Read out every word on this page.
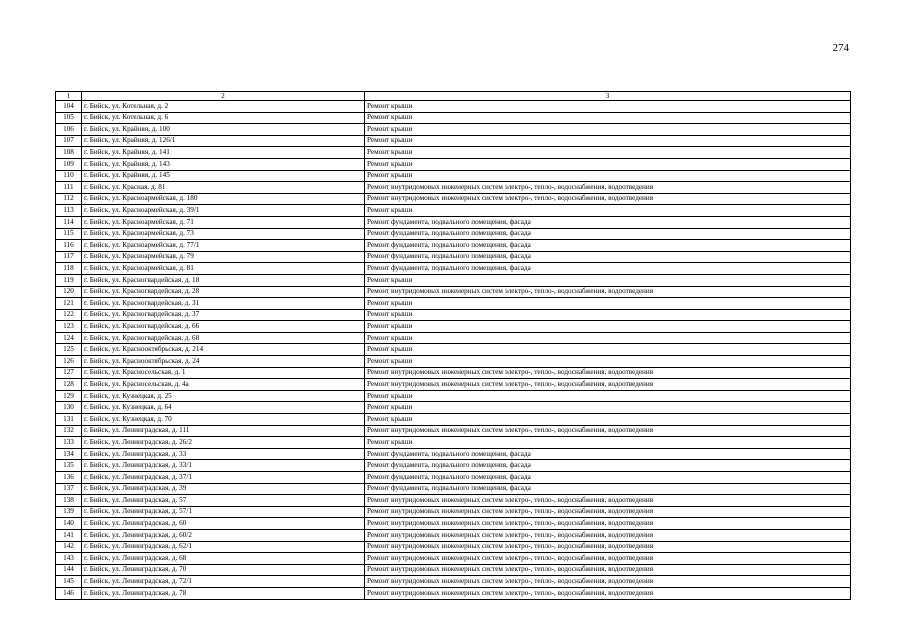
274
1	2	3
104	г. Бийск, ул. Котельная, д. 2	Ремонт крыши
105	г. Бийск, ул. Котельная, д. 6	Ремонт крыши
106	г. Бийск, ул. Крайняя, д. 100	Ремонт крыши
107	г. Бийск, ул. Крайняя, д. 126/1	Ремонт крыши
108	г. Бийск, ул. Крайняя, д. 141	Ремонт крыши
109	г. Бийск, ул. Крайняя, д. 143	Ремонт крыши
110	г. Бийск, ул. Крайняя, д. 145	Ремонт крыши
111	г. Бийск, ул. Красная, д. 81	Ремонт внутридомовых инженерных систем электро-, тепло-, водоснабжения, водоотведения
112	г. Бийск, ул. Красноармейская, д. 180	Ремонт внутридомовых инженерных систем электро-, тепло-, водоснабжения, водоотведения
113	г. Бийск, ул. Красноармейская, д. 39/1	Ремонт крыши
114	г. Бийск, ул. Красноармейская, д. 71	Ремонт фундамента, подвального помещения, фасада
115	г. Бийск, ул. Красноармейская, д. 73	Ремонт фундамента, подвального помещения, фасада
116	г. Бийск, ул. Красноармейская, д. 77/1	Ремонт фундамента, подвального помещения, фасада
117	г. Бийск, ул. Красноармейская, д. 79	Ремонт фундамента, подвального помещения, фасада
118	г. Бийск, ул. Красноармейская, д. 81	Ремонт фундамента, подвального помещения, фасада
119	г. Бийск, ул. Красногвардейская, д. 18	Ремонт крыши
120	г. Бийск, ул. Красногвардейская, д. 28	Ремонт внутридомовых инженерных систем электро-, тепло-, водоснабжения, водоотведения
121	г. Бийск, ул. Красногвардейская, д. 31	Ремонт крыши
122	г. Бийск, ул. Красногвардейская, д. 37	Ремонт крыши
123	г. Бийск, ул. Красногвардейская, д. 66	Ремонт крыши
124	г. Бийск, ул. Красногвардейская, д. 68	Ремонт крыши
125	г. Бийск, ул. Краснооктябрьская, д. 214	Ремонт крыши
126	г. Бийск, ул. Краснооктябрьская, д. 24	Ремонт крыши
127	г. Бийск, ул. Красносельская, д. 1	Ремонт внутридомовых инженерных систем электро-, тепло-, водоснабжения, водоотведения
128	г. Бийск, ул. Красносельская, д. 4а	Ремонт внутридомовых инженерных систем электро-, тепло-, водоснабжения, водоотведения
129	г. Бийск, ул. Кузнецкая, д. 25	Ремонт крыши
130	г. Бийск, ул. Кузнецкая, д. 64	Ремонт крыши
131	г. Бийск, ул. Кузнецкая, д. 70	Ремонт крыши
132	г. Бийск, ул. Ленинградская, д. 111	Ремонт внутридомовых инженерных систем электро-, тепло-, водоснабжения, водоотведения
133	г. Бийск, ул. Ленинградская, д. 26/2	Ремонт крыши
134	г. Бийск, ул. Ленинградская, д. 33	Ремонт фундамента, подвального помещения, фасада
135	г. Бийск, ул. Ленинградская, д. 33/1	Ремонт фундамента, подвального помещения, фасада
136	г. Бийск, ул. Ленинградская, д. 37/1	Ремонт фундамента, подвального помещения, фасада
137	г. Бийск, ул. Ленинградская, д. 39	Ремонт фундамента, подвального помещения, фасада
138	г. Бийск, ул. Ленинградская, д. 57	Ремонт внутридомовых инженерных систем электро-, тепло-, водоснабжения, водоотведения
139	г. Бийск, ул. Ленинградская, д. 57/1	Ремонт внутридомовых инженерных систем электро-, тепло-, водоснабжения, водоотведения
140	г. Бийск, ул. Ленинградская, д. 60	Ремонт внутридомовых инженерных систем электро-, тепло-, водоснабжения, водоотведения
141	г. Бийск, ул. Ленинградская, д. 60/2	Ремонт внутридомовых инженерных систем электро-, тепло-, водоснабжения, водоотведения
142	г. Бийск, ул. Ленинградская, д. 62/1	Ремонт внутридомовых инженерных систем электро-, тепло-, водоснабжения, водоотведения
143	г. Бийск, ул. Ленинградская, д. 68	Ремонт внутридомовых инженерных систем электро-, тепло-, водоснабжения, водоотведения
144	г. Бийск, ул. Ленинградская, д. 70	Ремонт внутридомовых инженерных систем электро-, тепло-, водоснабжения, водоотведения
145	г. Бийск, ул. Ленинградская, д. 72/1	Ремонт внутридомовых инженерных систем электро-, тепло-, водоснабжения, водоотведения
146	г. Бийск, ул. Ленинградская, д. 78	Ремонт внутридомовых инженерных систем электро-, тепло-, водоснабжения, водоотведения
